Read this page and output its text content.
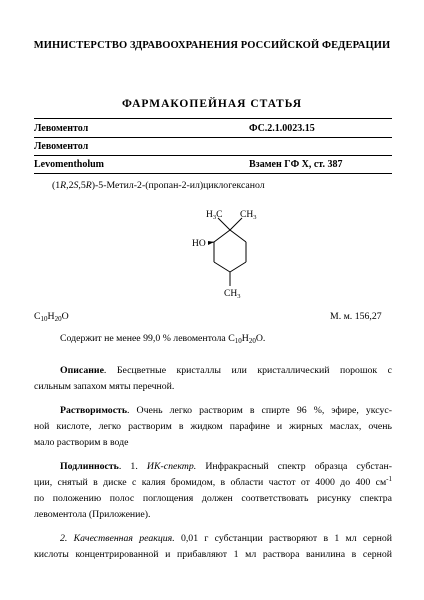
МИНИСТЕРСТВО ЗДРАВООХРАНЕНИЯ РОССИЙСКОЙ ФЕДЕРАЦИИ
ФАРМАКОПЕЙНАЯ СТАТЬЯ
Левоментол	ФС.2.1.0023.15
Левоментол
Levomentholum	Взамен ГФ X, ст. 387
(1R,2S,5R)-5-Метил-2-(пропан-2-ил)циклогексанол
$H_3C$ $CH_3$
HO
$CH_3$
$C_{10}H_{20}O$	М. м. 156,27
Содержит не менее 99,0 % левоментола $C_{10}H_{20}O$.
Описание. Бесцветные кристаллы или кристаллический порошок с
сильным запахом мяты перечной.
Растворимость. Очень легко растворим в спирте 96 %, эфире, уксус-
ной кислоте, легко растворим в жидком парафине и жирных маслах, очень
мало растворим в воде
Подлинность. 1. ИК-спектр. Инфракрасный спектр образца субстан-
ции, снятый в диске с калия бромидом, в области частот от 4000 до 400 $см^{-1}$
по положению полос поглощения должен соответствовать рисунку спектра
левоментола (Приложение).
2. Качественная реакция. 0,01 г субстанции растворяют в 1 мл серной
кислоты концентрированной и прибавляют 1 мл раствора ванилина в серной
